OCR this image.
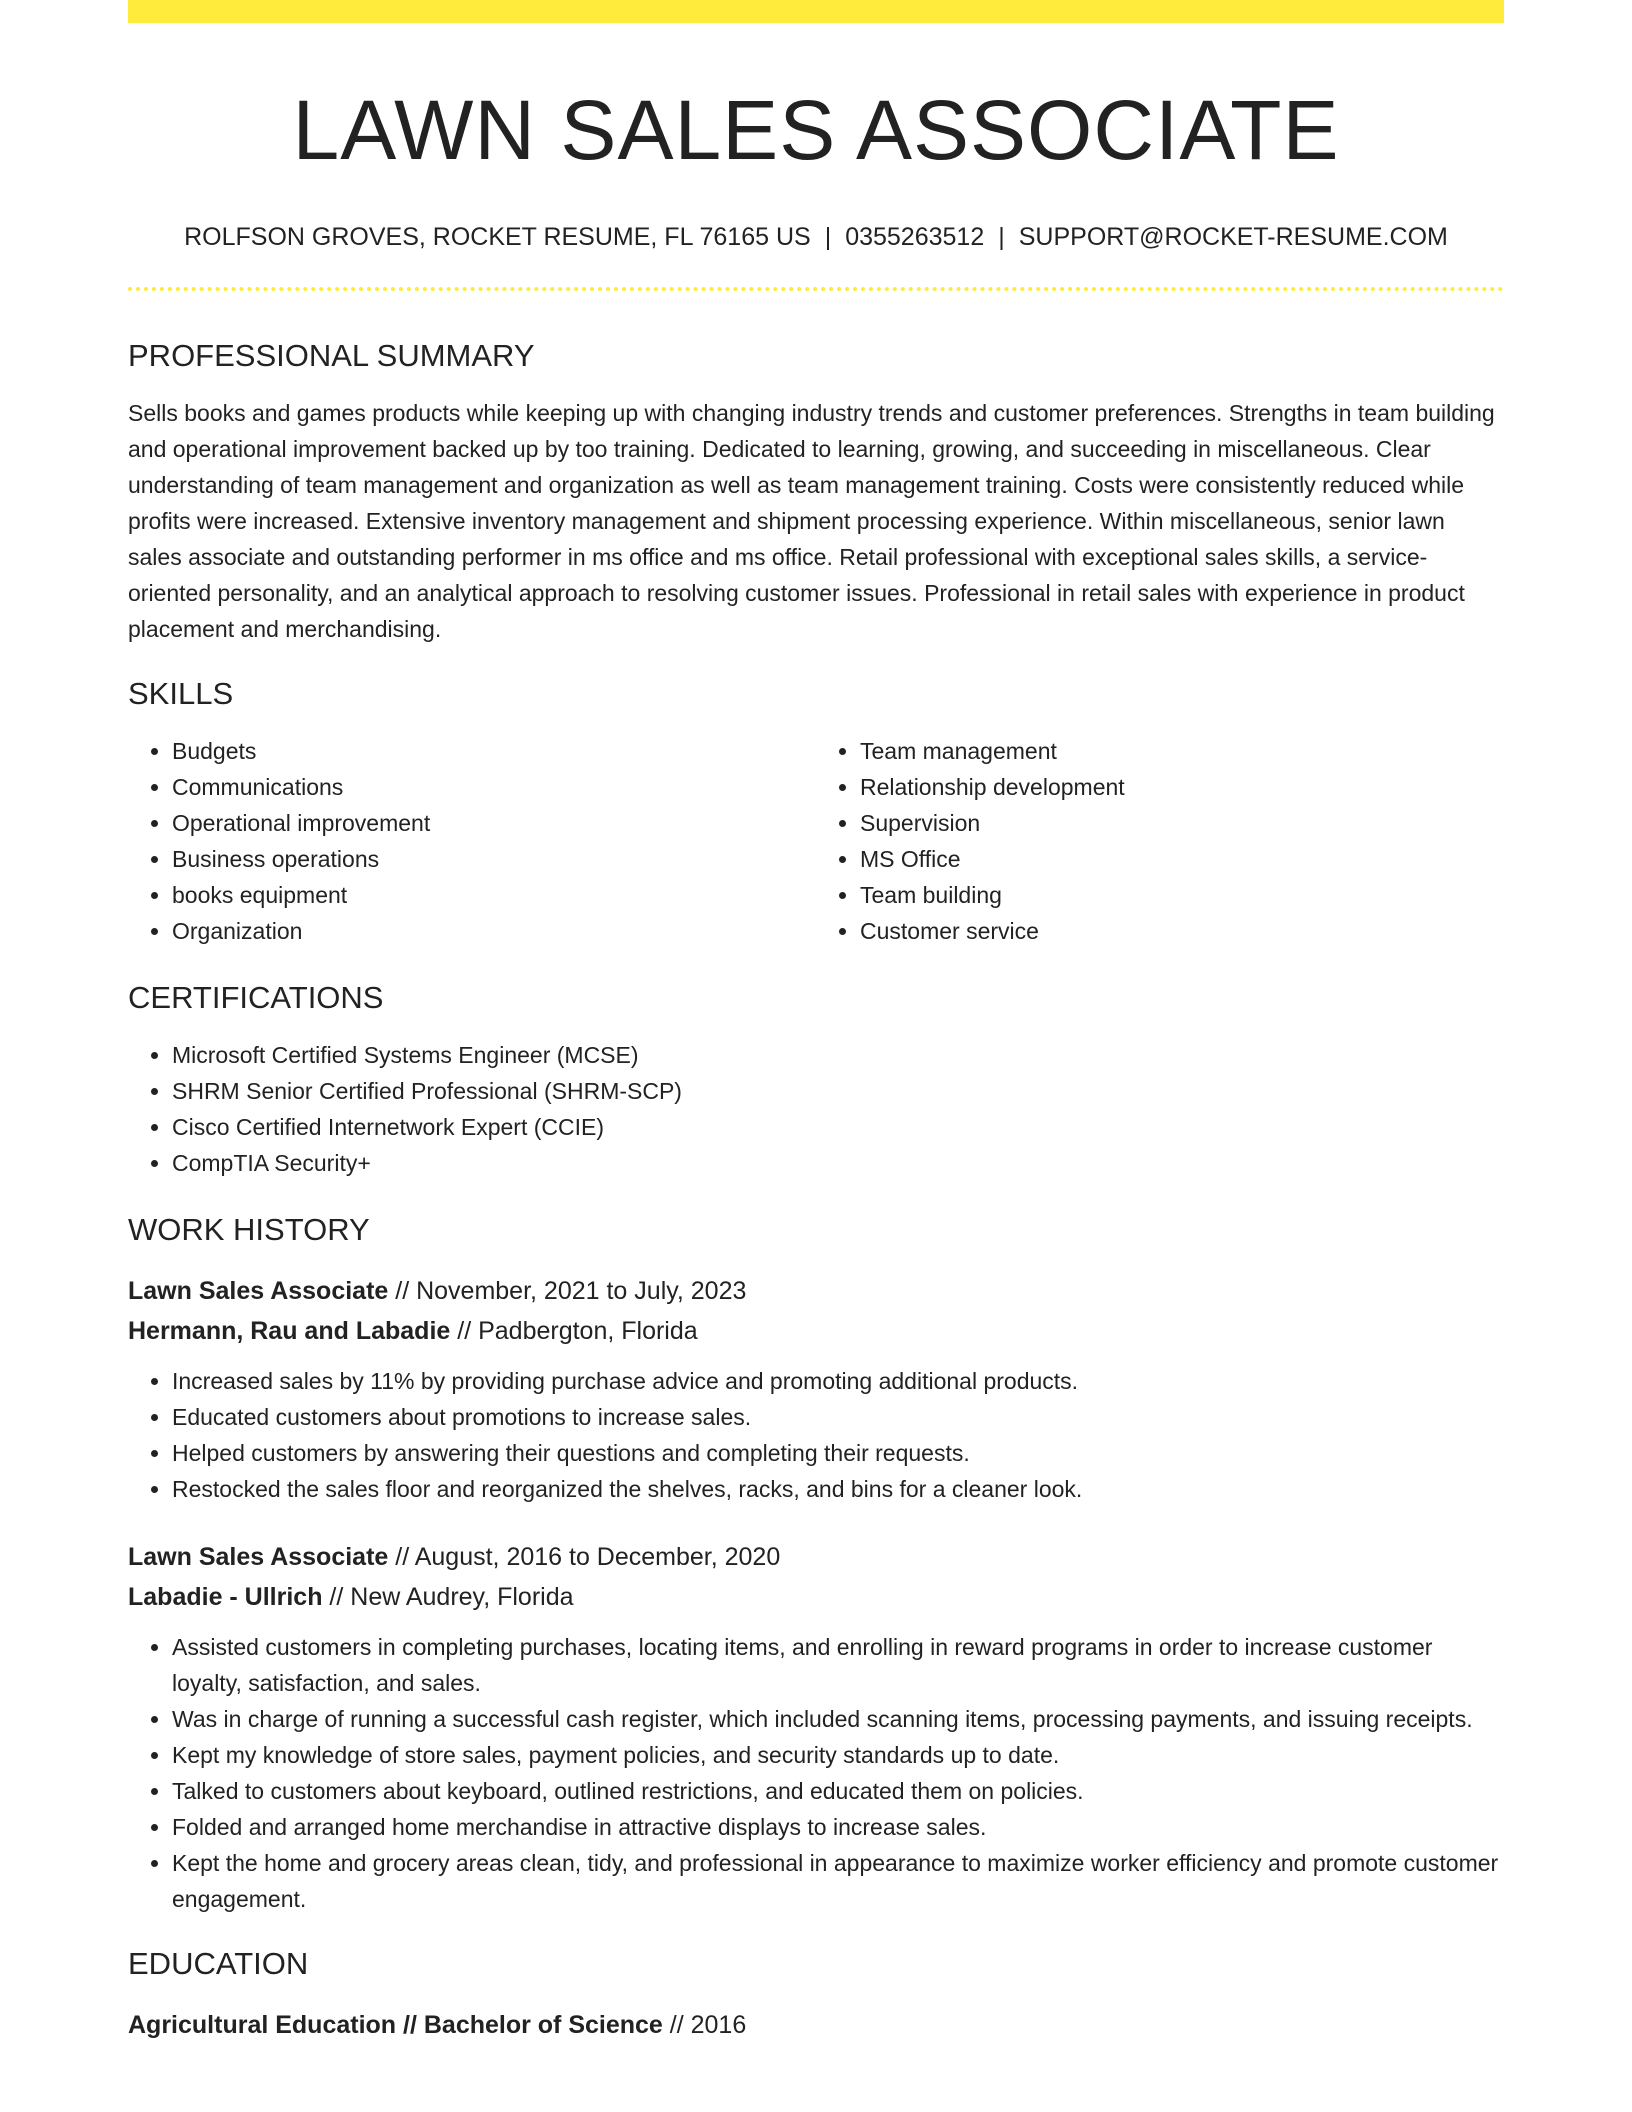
LAWN SALES ASSOCIATE
ROLFSON GROVES, ROCKET RESUME, FL 76165 US | 0355263512 | SUPPORT@ROCKET-RESUME.COM
PROFESSIONAL SUMMARY
Sells books and games products while keeping up with changing industry trends and customer preferences. Strengths in team building and operational improvement backed up by too training. Dedicated to learning, growing, and succeeding in miscellaneous. Clear understanding of team management and organization as well as team management training. Costs were consistently reduced while profits were increased. Extensive inventory management and shipment processing experience. Within miscellaneous, senior lawn sales associate and outstanding performer in ms office and ms office. Retail professional with exceptional sales skills, a service-oriented personality, and an analytical approach to resolving customer issues. Professional in retail sales with experience in product placement and merchandising.
SKILLS
• Budgets
• Communications
• Operational improvement
• Business operations
• books equipment
• Organization
• Team management
• Relationship development
• Supervision
• MS Office
• Team building
• Customer service
CERTIFICATIONS
• Microsoft Certified Systems Engineer (MCSE)
• SHRM Senior Certified Professional (SHRM-SCP)
• Cisco Certified Internetwork Expert (CCIE)
• CompTIA Security+
WORK HISTORY
Lawn Sales Associate // November, 2021 to July, 2023
Hermann, Rau and Labadie // Padbergton, Florida
• Increased sales by 11% by providing purchase advice and promoting additional products.
• Educated customers about promotions to increase sales.
• Helped customers by answering their questions and completing their requests.
• Restocked the sales floor and reorganized the shelves, racks, and bins for a cleaner look.
Lawn Sales Associate // August, 2016 to December, 2020
Labadie - Ullrich // New Audrey, Florida
• Assisted customers in completing purchases, locating items, and enrolling in reward programs in order to increase customer loyalty, satisfaction, and sales.
• Was in charge of running a successful cash register, which included scanning items, processing payments, and issuing receipts.
• Kept my knowledge of store sales, payment policies, and security standards up to date.
• Talked to customers about keyboard, outlined restrictions, and educated them on policies.
• Folded and arranged home merchandise in attractive displays to increase sales.
• Kept the home and grocery areas clean, tidy, and professional in appearance to maximize worker efficiency and promote customer engagement.
EDUCATION
Agricultural Education // Bachelor of Science // 2016
